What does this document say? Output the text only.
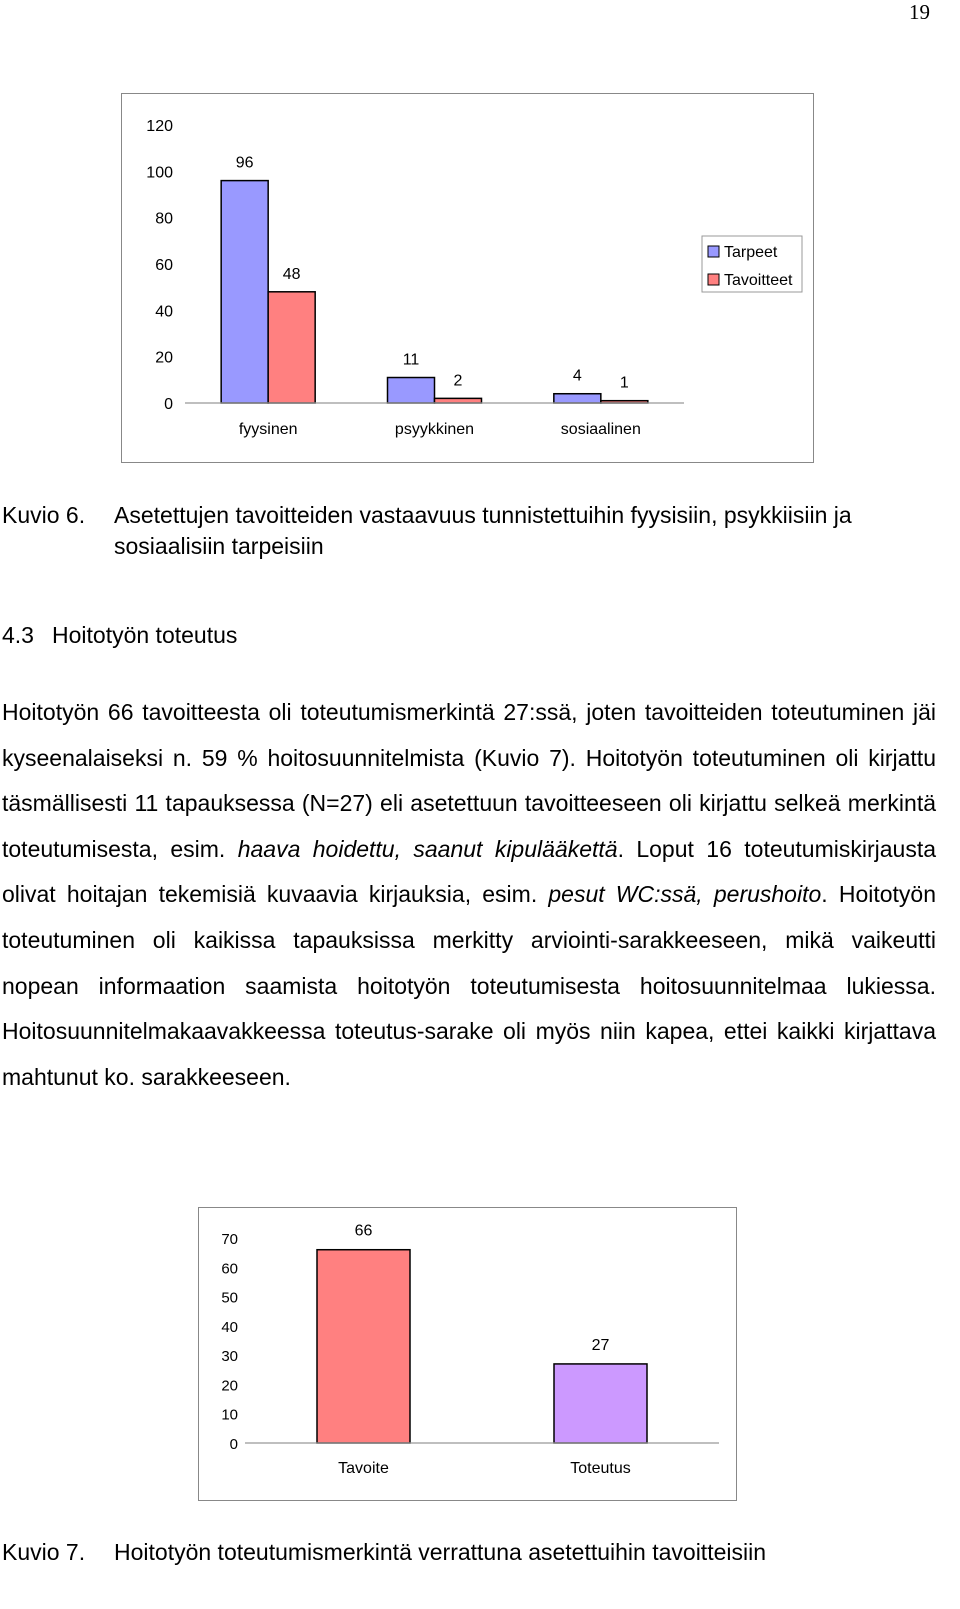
19
0
20
40
60
80
100
120
96
48
fyysinen
11
2
psyykkinen
4 1
sosiaalinen
Tarpeet
Tavoitteet
Kuvio 6. Asetettujen tavoitteiden vastaavuus tunnistettuihin fyysisiin, psykkiisiin ja sosiaalisiin tarpeisiin
4.3 Hoitotyön toteutus

Hoitotyön 66 tavoitteesta oli toteutumismerkintä 27:ssä, joten tavoitteiden toteutuminen jäi kyseenalaiseksi n. 59 % hoitosuunnitelmista (Kuvio 7). Hoitotyön toteutuminen oli kirjattu täsmällisesti 11 tapauksessa (N=27) eli asetettuun tavoitteeseen oli kirjattu selkeä merkintä toteutumisesta, esim. haava hoidettu, saanut kipulääkettä. Loput 16 toteutumiskirjausta olivat hoitajan tekemisiä kuvaavia kirjauksia, esim. pesut WC:ssä, perushoito. Hoitotyön toteutuminen oli kaikissa tapauksissa merkitty arviointi-sarakkeeseen, mikä vaikeutti nopean informaation saamista hoitotyön toteutumisesta hoitosuunnitelmaa lukiessa. Hoitosuunnitelmakaavakkeessa toteutus-sarake oli myös niin kapea, ettei kaikki kirjattava mahtunut ko. sarakkeeseen.

0
10
20
30
40
50
60
70	66
Tavoite
27
Toteutus
Kuvio 7. Hoitotyön toteutumismerkintä verrattuna asetettuihin tavoitteisiin
